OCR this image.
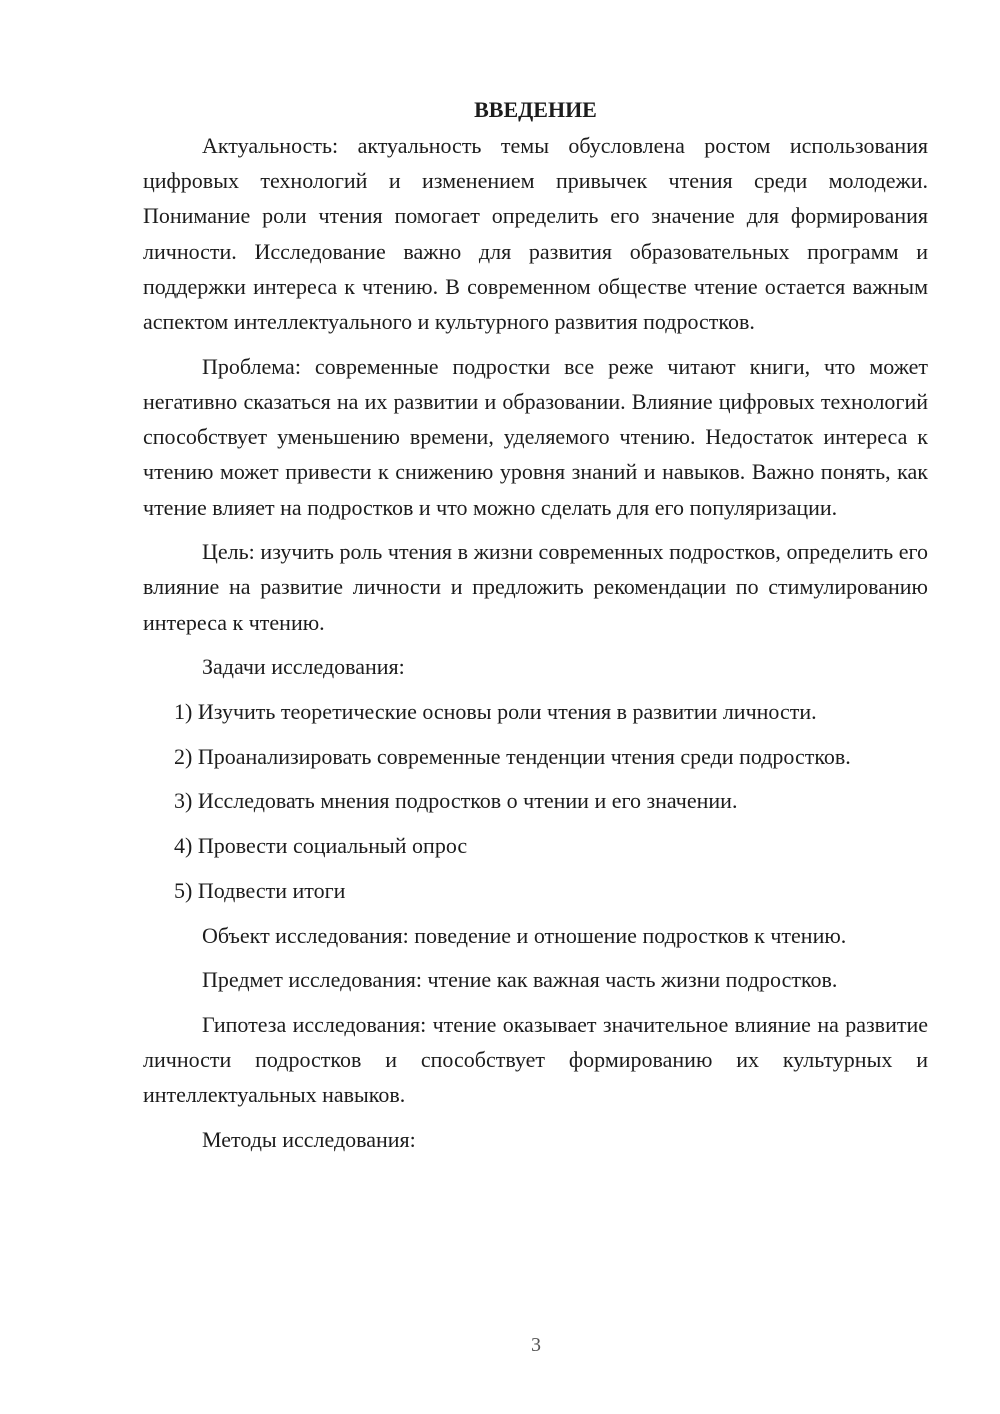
ВВЕДЕНИЕ

Актуальность: актуальность темы обусловлена ростом использования цифровых технологий и изменением привычек чтения среди молодежи. Понимание роли чтения помогает определить его значение для формирования личности. Исследование важно для развития образовательных программ и поддержки интереса к чтению. В современном обществе чтение остается важным аспектом интеллектуального и культурного развития подростков.

Проблема: современные подростки все реже читают книги, что может негативно сказаться на их развитии и образовании. Влияние цифровых технологий способствует уменьшению времени, уделяемого чтению. Недостаток интереса к чтению может привести к снижению уровня знаний и навыков. Важно понять, как чтение влияет на подростков и что можно сделать для его популяризации.

Цель: изучить роль чтения в жизни современных подростков, определить его влияние на развитие личности и предложить рекомендации по стимулированию интереса к чтению.

Задачи исследования:

1) Изучить теоретические основы роли чтения в развитии личности.

2) Проанализировать современные тенденции чтения среди подростков.

3) Исследовать мнения подростков о чтении и его значении.

4) Провести социальный опрос

5) Подвести итоги

Объект исследования: поведение и отношение подростков к чтению.

Предмет исследования: чтение как важная часть жизни подростков.

Гипотеза исследования: чтение оказывает значительное влияние на развитие личности подростков и способствует формированию их культурных и интеллектуальных навыков.

Методы исследования:

3
